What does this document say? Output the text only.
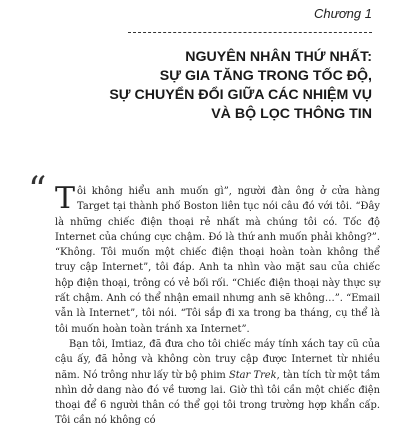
Chương 1
NGUYÊN NHÂN THỨ NHẤT:
SỰ GIA TĂNG TRONG TỐC ĐỘ,
SỰ CHUYỂN ĐỔI GIỮA CÁC NHIỆM VỤ
VÀ BỘ LỌC THÔNG TIN

“ T ôi không hiểu anh muốn gì”, người đàn ông ở cửa hàng Target tại thành phố Boston liên tục nói câu đó với tôi. “Đây là những chiếc điện thoại rẻ nhất mà chúng tôi có. Tốc độ Internet của chúng cực chậm. Đó là thứ anh muốn phải không?”. “Không. Tôi muốn một chiếc điện thoại hoàn toàn không thể truy cập Internet”, tôi đáp. Anh ta nhìn vào mặt sau của chiếc hộp điện thoại, trông có vẻ bối rối. “Chiếc điện thoại này thực sự rất chậm. Anh có thể nhận email nhưng anh sẽ không…”. “Email vẫn là Internet”, tôi nói. “Tôi sắp đi xa trong ba tháng, cụ thể là tôi muốn hoàn toàn tránh xa Internet”.

Bạn tôi, Imtiaz, đã đưa cho tôi chiếc máy tính xách tay cũ của cậu ấy, đã hỏng và không còn truy cập được Internet từ nhiều năm. Nó trông như lấy từ bộ phim Star Trek, tàn tích từ một tầm nhìn dở dang nào đó về tương lai. Giờ thì tôi cần một chiếc điện thoại để 6 người thân có thể gọi tôi trong trường hợp khẩn cấp. Tôi cần nó không có
